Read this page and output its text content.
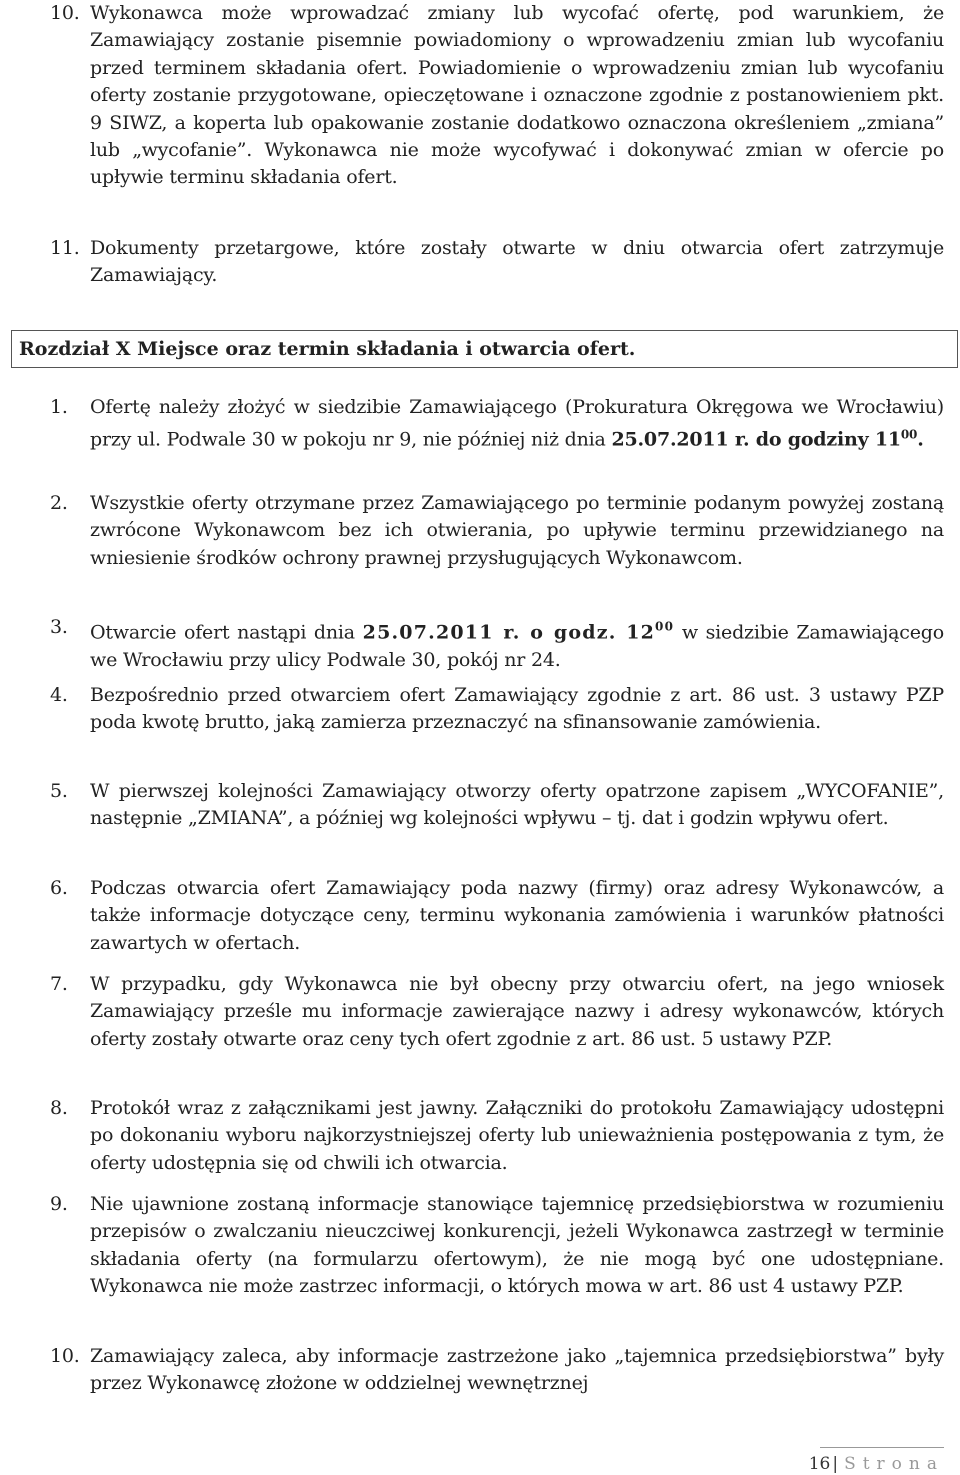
10. Wykonawca może wprowadzać zmiany lub wycofać ofertę, pod warunkiem, że Zamawiający zostanie pisemnie powiadomiony o wprowadzeniu zmian lub wycofaniu przed terminem składania ofert. Powiadomienie o wprowadzeniu zmian lub wycofaniu oferty zostanie przygotowane, opieczętowane i oznaczone zgodnie z postanowieniem pkt. 9 SIWZ, a koperta lub opakowanie zostanie dodatkowo oznaczona określeniem „zmiana” lub „wycofanie”. Wykonawca nie może wycofywać i dokonywać zmian w ofercie po upływie terminu składania ofert.
11. Dokumenty przetargowe, które zostały otwarte w dniu otwarcia ofert zatrzymuje Zamawiający.
Rozdział X Miejsce oraz termin składania i otwarcia ofert.
1. Ofertę należy złożyć w siedzibie Zamawiającego (Prokuratura Okręgowa we Wrocławiu) przy ul. Podwale 30 w pokoju nr 9, nie później niż dnia 25.07.2011 r. do godziny $11^{00}$.
2. Wszystkie oferty otrzymane przez Zamawiającego po terminie podanym powyżej zostaną zwrócone Wykonawcom bez ich otwierania, po upływie terminu przewidzianego na wniesienie środków ochrony prawnej przysługujących Wykonawcom.
3. Otwarcie ofert nastąpi dnia 25.07.2011 r. o godz. $12^{00}$ w siedzibie Zamawiającego we Wrocławiu przy ulicy Podwale 30, pokój nr 24.
4. Bezpośrednio przed otwarciem ofert Zamawiający zgodnie z art. 86 ust. 3 ustawy PZP poda kwotę brutto, jaką zamierza przeznaczyć na sfinansowanie zamówienia.
5. W pierwszej kolejności Zamawiający otworzy oferty opatrzone zapisem „WYCOFANIE”, następnie „ZMIANA”, a później wg kolejności wpływu – tj. dat i godzin wpływu ofert.
6. Podczas otwarcia ofert Zamawiający poda nazwy (firmy) oraz adresy Wykonawców, a także informacje dotyczące ceny, terminu wykonania zamówienia i warunków płatności zawartych w ofertach.
7. W przypadku, gdy Wykonawca nie był obecny przy otwarciu ofert, na jego wniosek Zamawiający prześle mu informacje zawierające nazwy i adresy wykonawców, których oferty zostały otwarte oraz ceny tych ofert zgodnie z art. 86 ust. 5 ustawy PZP.
8. Protokół wraz z załącznikami jest jawny. Załączniki do protokołu Zamawiający udostępni po dokonaniu wyboru najkorzystniejszej oferty lub unieważnienia postępowania z tym, że oferty udostępnia się od chwili ich otwarcia.
9. Nie ujawnione zostaną informacje stanowiące tajemnicę przedsiębiorstwa w rozumieniu przepisów o zwalczaniu nieuczciwej konkurencji, jeżeli Wykonawca zastrzegł w terminie składania oferty (na formularzu ofertowym), że nie mogą być one udostępniane. Wykonawca nie może zastrzec informacji, o których mowa w art. 86 ust 4 ustawy PZP.
10. Zamawiający zaleca, aby informacje zastrzeżone jako „tajemnica przedsiębiorstwa” były przez Wykonawcę złożone w oddzielnej wewnętrznej
16 | Strona
